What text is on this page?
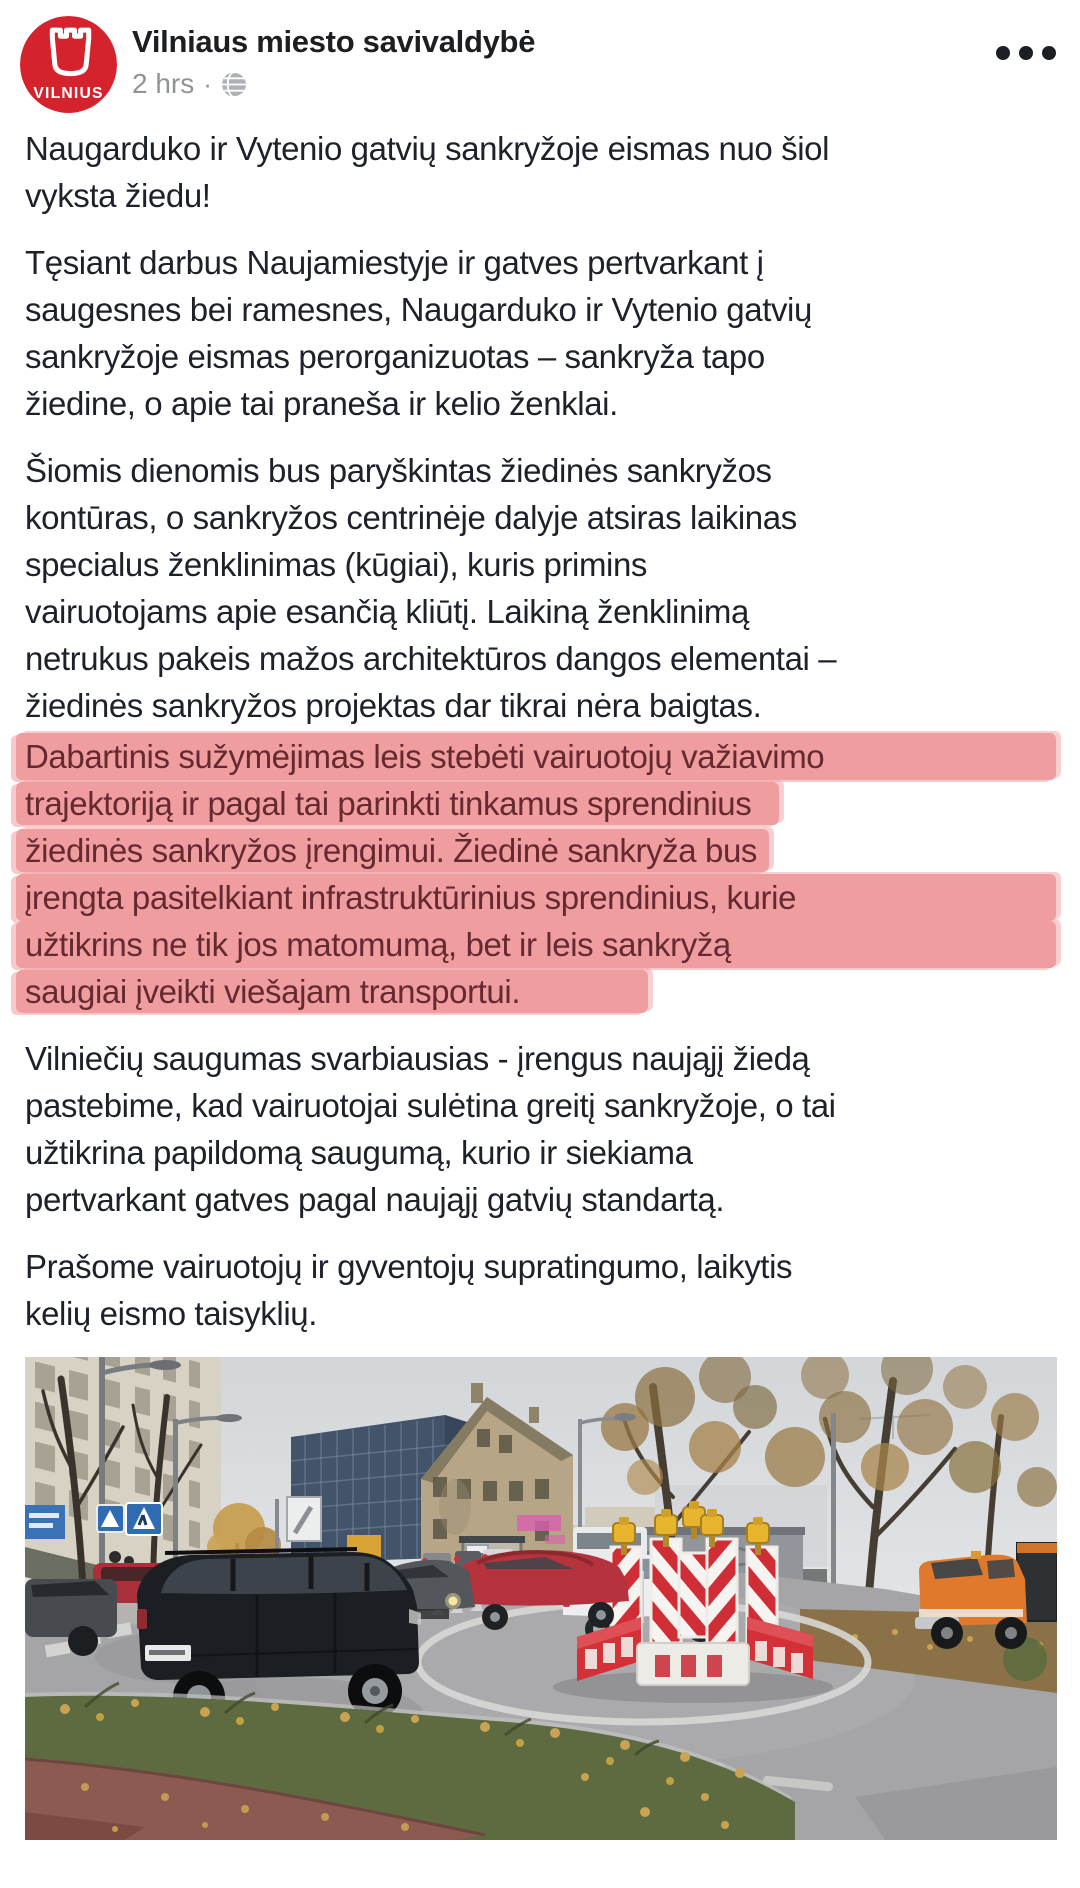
VILNIUS
Vilniaus miesto savivaldybė
2 hrs ·
Naugarduko ir Vytenio gatvių sankryžoje eismas nuo šiol
vyksta žiedu!
Tęsiant darbus Naujamiestyje ir gatves pertvarkant į
saugesnes bei ramesnes, Naugarduko ir Vytenio gatvių
sankryžoje eismas perorganizuotas – sankryža tapo
žiedine, o apie tai praneša ir kelio ženklai.
Šiomis dienomis bus paryškintas žiedinės sankryžos
kontūras, o sankryžos centrinėje dalyje atsiras laikinas
specialus ženklinimas (kūgiai), kuris primins
vairuotojams apie esančią kliūtį. Laikiną ženklinimą
netrukus pakeis mažos architektūros dangos elementai –
žiedinės sankryžos projektas dar tikrai nėra baigtas.
Dabartinis sužymėjimas leis stebėti vairuotojų važiavimo
trajektoriją ir pagal tai parinkti tinkamus sprendinius
žiedinės sankryžos įrengimui. Žiedinė sankryža bus
įrengta pasitelkiant infrastruktūrinius sprendinius, kurie
užtikrins ne tik jos matomumą, bet ir leis sankryžą
saugiai įveikti viešajam transportui.
Vilniečių saugumas svarbiausias - įrengus naująjį žiedą
pastebime, kad vairuotojai sulėtina greitį sankryžoje, o tai
užtikrina papildomą saugumą, kurio ir siekiama
pertvarkant gatves pagal naująjį gatvių standartą.
Prašome vairuotojų ir gyventojų supratingumo, laikytis
kelių eismo taisyklių.
